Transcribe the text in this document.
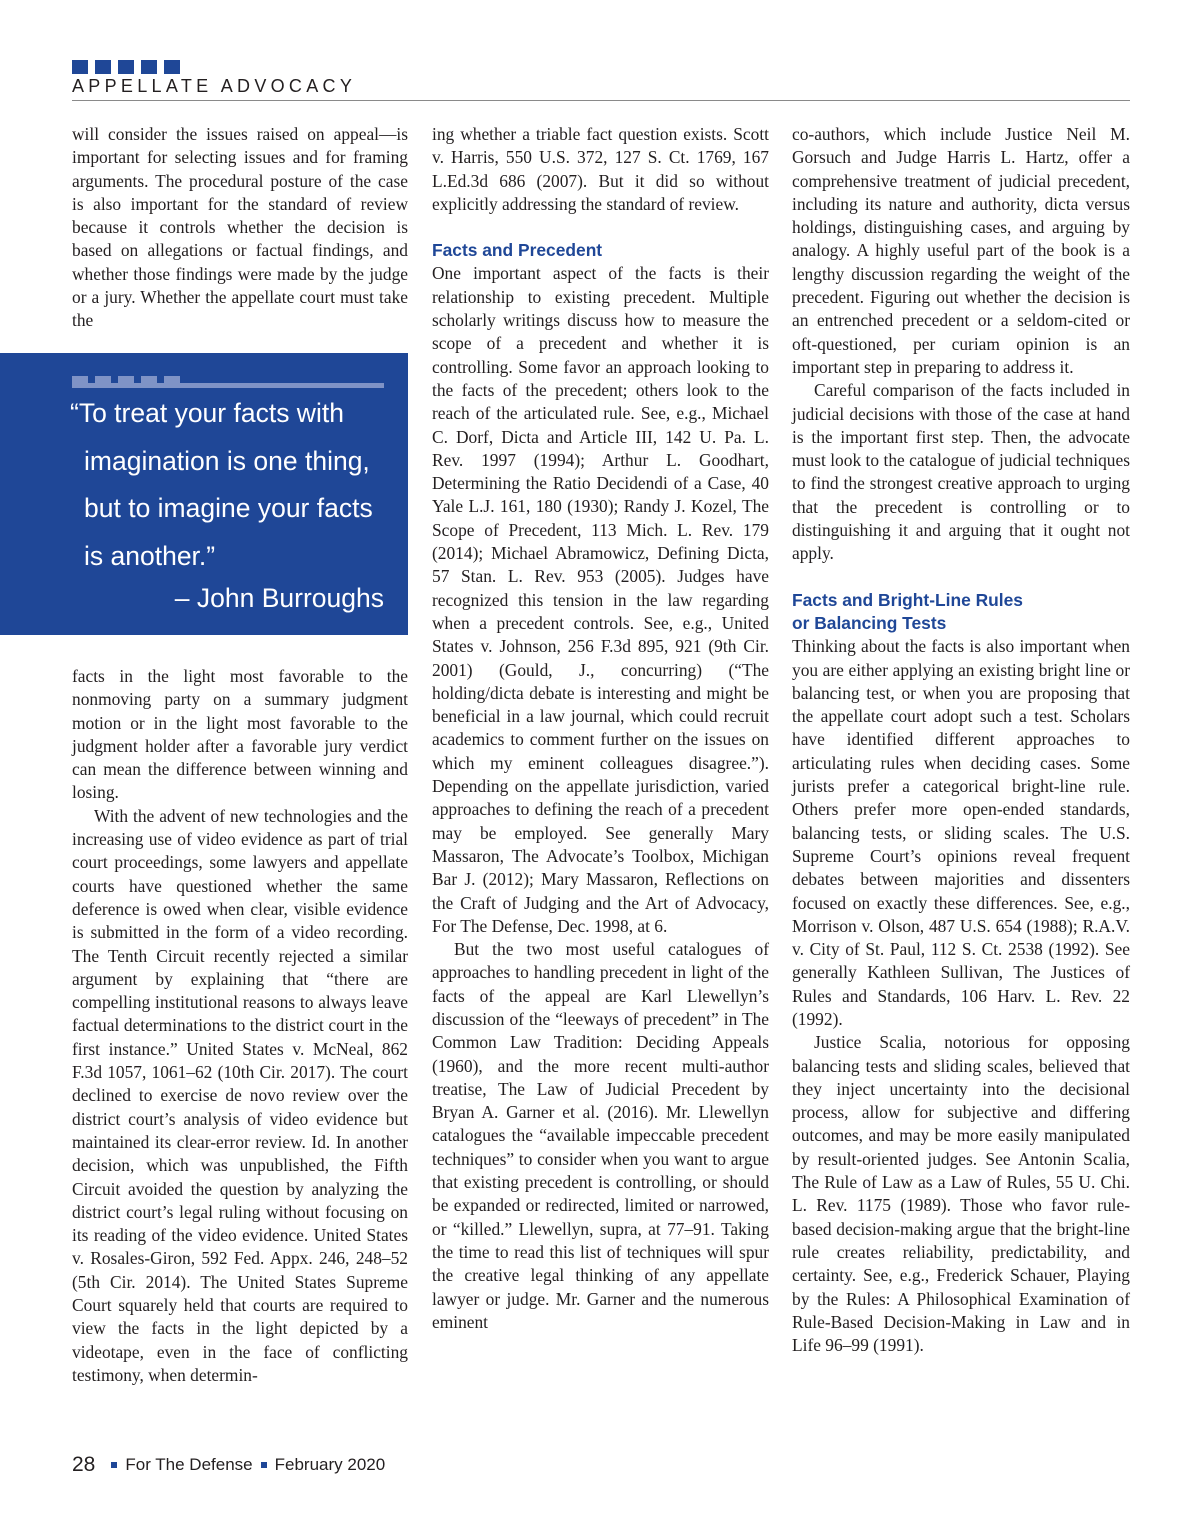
APPELLATE ADVOCACY

will consider the issues raised on appeal—is important for selecting issues and for framing arguments. The procedural posture of the case is also important for the standard of review because it controls whether the decision is based on allegations or factual findings, and whether those findings were made by the judge or a jury. Whether the appellate court must take the

“To treat your facts with
imagination is one thing,
but to imagine your facts
is another.”
– John Burroughs

facts in the light most favorable to the nonmoving party on a summary judgment motion or in the light most favorable to the judgment holder after a favorable jury verdict can mean the difference between winning and losing.

With the advent of new technologies and the increasing use of video evidence as part of trial court proceedings, some lawyers and appellate courts have questioned whether the same deference is owed when clear, visible evidence is submitted in the form of a video recording. The Tenth Circuit recently rejected a similar argument by explaining that “there are compelling institutional reasons to always leave factual determinations to the district court in the first instance.” United States v. McNeal, 862 F.3d 1057, 1061–62 (10th Cir. 2017). The court declined to exercise de novo review over the district court’s analysis of video evidence but maintained its clear-error review. Id. In another decision, which was unpublished, the Fifth Circuit avoided the question by analyzing the district court’s legal ruling without focusing on its reading of the video evidence. United States v. Rosales-Giron, 592 Fed. Appx. 246, 248–52 (5th Cir. 2014). The United States Supreme Court squarely held that courts are required to view the facts in the light depicted by a videotape, even in the face of conflicting testimony, when determin-

ing whether a triable fact question exists. Scott v. Harris, 550 U.S. 372, 127 S. Ct. 1769, 167 L.Ed.3d 686 (2007). But it did so without explicitly addressing the standard of review.

Facts and Precedent

One important aspect of the facts is their relationship to existing precedent. Multiple scholarly writings discuss how to measure the scope of a precedent and whether it is controlling. Some favor an approach looking to the facts of the precedent; others look to the reach of the articulated rule. See, e.g., Michael C. Dorf, Dicta and Article III, 142 U. Pa. L. Rev. 1997 (1994); Arthur L. Goodhart, Determining the Ratio Decidendi of a Case, 40 Yale L.J. 161, 180 (1930); Randy J. Kozel, The Scope of Precedent, 113 Mich. L. Rev. 179 (2014); Michael Abramowicz, Defining Dicta, 57 Stan. L. Rev. 953 (2005). Judges have recognized this tension in the law regarding when a precedent controls. See, e.g., United States v. Johnson, 256 F.3d 895, 921 (9th Cir. 2001) (Gould, J., concurring) (“The holding/dicta debate is interesting and might be beneficial in a law journal, which could recruit academics to comment further on the issues on which my eminent colleagues disagree.”). Depending on the appellate jurisdiction, varied approaches to defining the reach of a precedent may be employed. See generally Mary Massaron, The Advocate’s Toolbox, Michigan Bar J. (2012); Mary Massaron, Reflections on the Craft of Judging and the Art of Advocacy, For The Defense, Dec. 1998, at 6.

But the two most useful catalogues of approaches to handling precedent in light of the facts of the appeal are Karl Llewellyn’s discussion of the “leeways of precedent” in The Common Law Tradition: Deciding Appeals (1960), and the more recent multi-author treatise, The Law of Judicial Precedent by Bryan A. Garner et al. (2016). Mr. Llewellyn catalogues the “available impeccable precedent techniques” to consider when you want to argue that existing precedent is controlling, or should be expanded or redirected, limited or narrowed, or “killed.” Llewellyn, supra, at 77–91. Taking the time to read this list of techniques will spur the creative legal thinking of any appellate lawyer or judge. Mr. Garner and the numerous eminent

co-authors, which include Justice Neil M. Gorsuch and Judge Harris L. Hartz, offer a comprehensive treatment of judicial precedent, including its nature and authority, dicta versus holdings, distinguishing cases, and arguing by analogy. A highly useful part of the book is a lengthy discussion regarding the weight of the precedent. Figuring out whether the decision is an entrenched precedent or a seldom-cited or oft-questioned, per curiam opinion is an important step in preparing to address it.

Careful comparison of the facts included in judicial decisions with those of the case at hand is the important first step. Then, the advocate must look to the catalogue of judicial techniques to find the strongest creative approach to urging that the precedent is controlling or to distinguishing it and arguing that it ought not apply.

Facts and Bright-Line Rules
or Balancing Tests

Thinking about the facts is also important when you are either applying an existing bright line or balancing test, or when you are proposing that the appellate court adopt such a test. Scholars have identified different approaches to articulating rules when deciding cases. Some jurists prefer a categorical bright-line rule. Others prefer more open-ended standards, balancing tests, or sliding scales. The U.S. Supreme Court’s opinions reveal frequent debates between majorities and dissenters focused on exactly these differences. See, e.g., Morrison v. Olson, 487 U.S. 654 (1988); R.A.V. v. City of St. Paul, 112 S. Ct. 2538 (1992). See generally Kathleen Sullivan, The Justices of Rules and Standards, 106 Harv. L. Rev. 22 (1992).

Justice Scalia, notorious for opposing balancing tests and sliding scales, believed that they inject uncertainty into the decisional process, allow for subjective and differing outcomes, and may be more easily manipulated by result-oriented judges. See Antonin Scalia, The Rule of Law as a Law of Rules, 55 U. Chi. L. Rev. 1175 (1989). Those who favor rule-based decision-making argue that the bright-line rule creates reliability, predictability, and certainty. See, e.g., Frederick Schauer, Playing by the Rules: A Philosophical Examination of Rule-Based Decision-Making in Law and in Life 96–99 (1991).

28 For The Defense February 2020
